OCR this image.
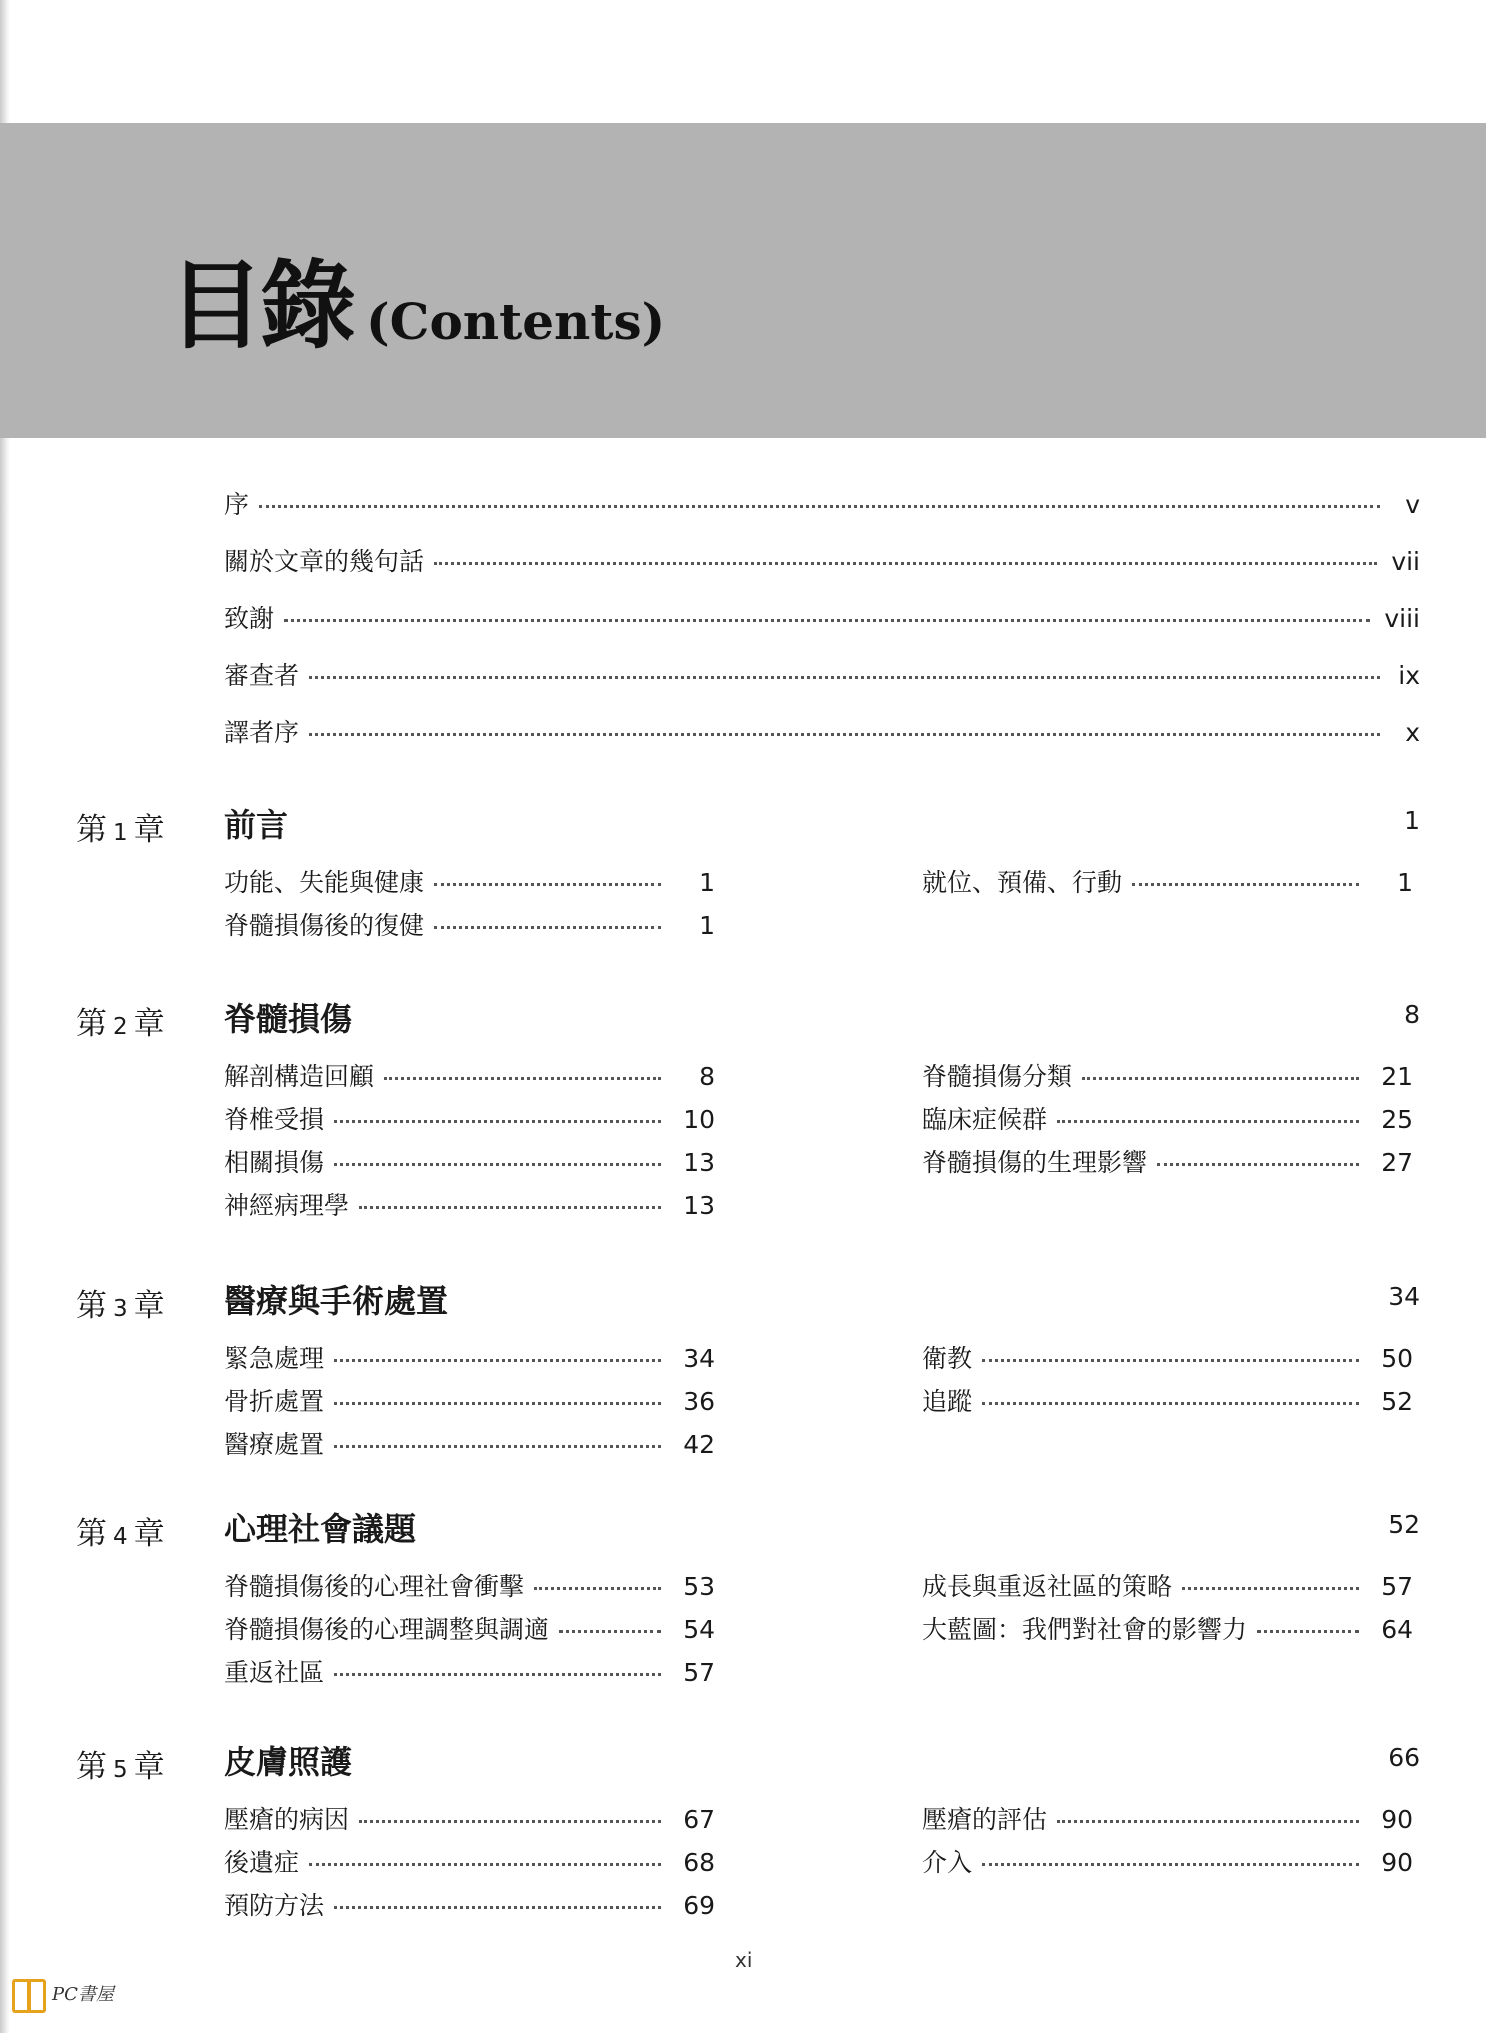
目錄 (Contents)
序	v
關於文章的幾句話	vii
致謝	viii
審查者	ix
譯者序	x
第 1 章 前言	1
功能、失能與健康	1
脊髓損傷後的復健	1
就位、預備、行動	1
第 2 章 脊髓損傷	8
解剖構造回顧	8
脊椎受損	10
相關損傷	13
神經病理學	13
脊髓損傷分類	21
臨床症候群	25
脊髓損傷的生理影響	27
第 3 章 醫療與手術處置	34
緊急處理	34
骨折處置	36
醫療處置	42
衛教	50
追蹤	52
第 4 章 心理社會議題	52
脊髓損傷後的心理社會衝擊	53
脊髓損傷後的心理調整與調適	54
重返社區	57
成長與重返社區的策略	57
大藍圖：我們對社會的影響力	64
第 5 章 皮膚照護	66
壓瘡的病因	67
後遺症	68
預防方法	69
壓瘡的評估	90
介入	90
xi
PC書屋
